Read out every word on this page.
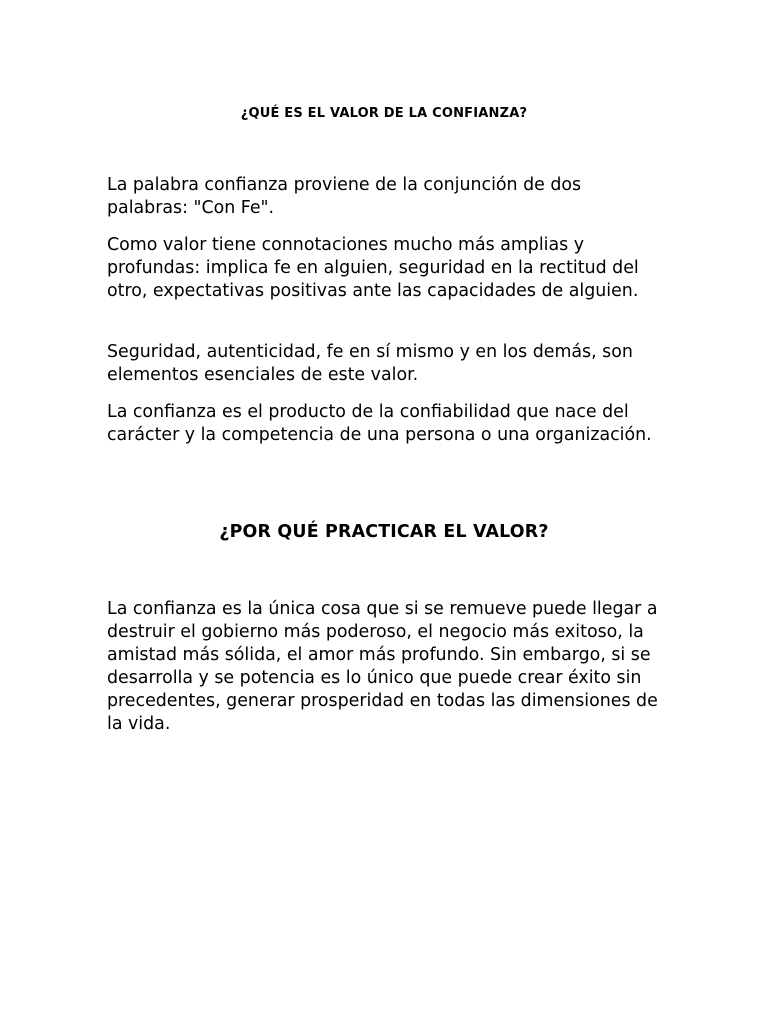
¿QUÉ ES EL VALOR DE LA CONFIANZA?

La palabra confianza proviene de la conjunción de dos palabras: "Con Fe".

Como valor tiene connotaciones mucho más amplias y profundas: implica fe en alguien, seguridad en la rectitud del otro, expectativas positivas ante las capacidades de alguien.

Seguridad, autenticidad, fe en sí mismo y en los demás, son elementos esenciales de este valor.

La confianza es el producto de la confiabilidad que nace del carácter y la competencia de una persona o una organización.

¿POR QUÉ PRACTICAR EL VALOR?

La confianza es la única cosa que si se remueve puede llegar a destruir el gobierno más poderoso, el negocio más exitoso, la amistad más sólida, el amor más profundo. Sin embargo, si se desarrolla y se potencia es lo único que puede crear éxito sin precedentes, generar prosperidad en todas las dimensiones de la vida.
